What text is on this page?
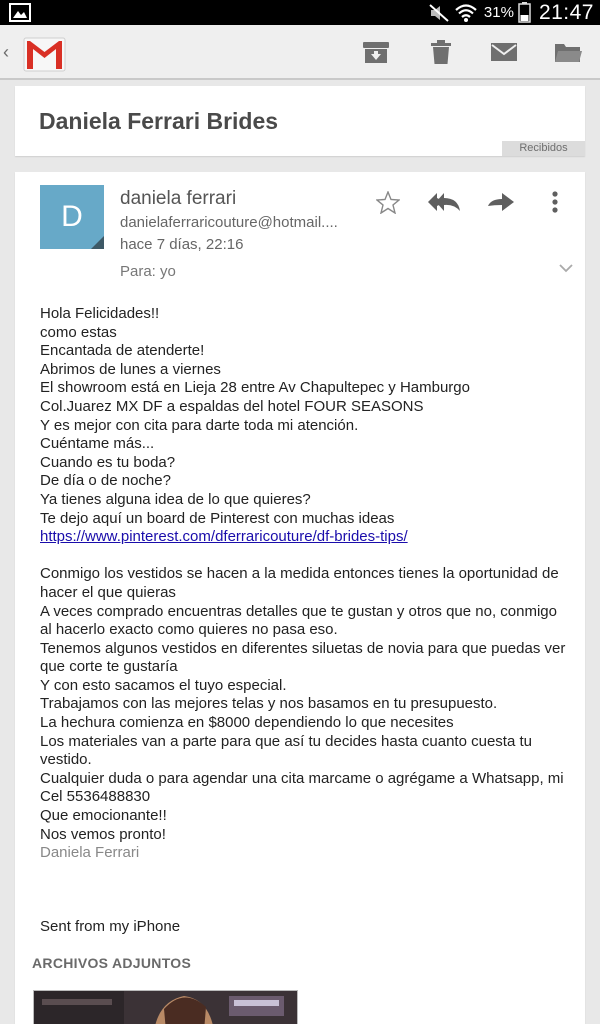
31% 21:47
‹
Daniela Ferrari Brides
Recibidos
D
daniela ferrari
danielaferraricouture@hotmail....
hace 7 días, 22:16
Para: yo
Hola Felicidades!!
como estas
Encantada de atenderte!
Abrimos de lunes a viernes
El showroom está en Lieja 28 entre Av Chapultepec y Hamburgo
Col.Juarez MX DF a espaldas del hotel FOUR SEASONS
Y es mejor con cita para darte toda mi atención.
Cuéntame más...
Cuando es tu boda?
De día o de noche?
Ya tienes alguna idea de lo que quieres?
Te dejo aquí un board de Pinterest con muchas ideas
https://www.pinterest.com/dferraricouture/df-brides-tips/
Conmigo los vestidos se hacen a la medida entonces tienes la oportunidad de hacer el que quieras
A veces comprado encuentras detalles que te gustan y otros que no, conmigo al hacerlo exacto como quieres no pasa eso.
Tenemos algunos vestidos en diferentes siluetas de novia para que puedas ver que corte te gustaría
Y con esto sacamos el tuyo especial.
Trabajamos con las mejores telas y nos basamos en tu presupuesto.
La hechura comienza en $8000 dependiendo lo que necesites
Los materiales van a parte para que así tu decides hasta cuanto cuesta tu vestido.
Cualquier duda o para agendar una cita marcame o agrégame a Whatsapp, mi Cel 5536488830
Que emocionante!!
Nos vemos pronto!
Daniela Ferrari
Sent from my iPhone
ARCHIVOS ADJUNTOS
